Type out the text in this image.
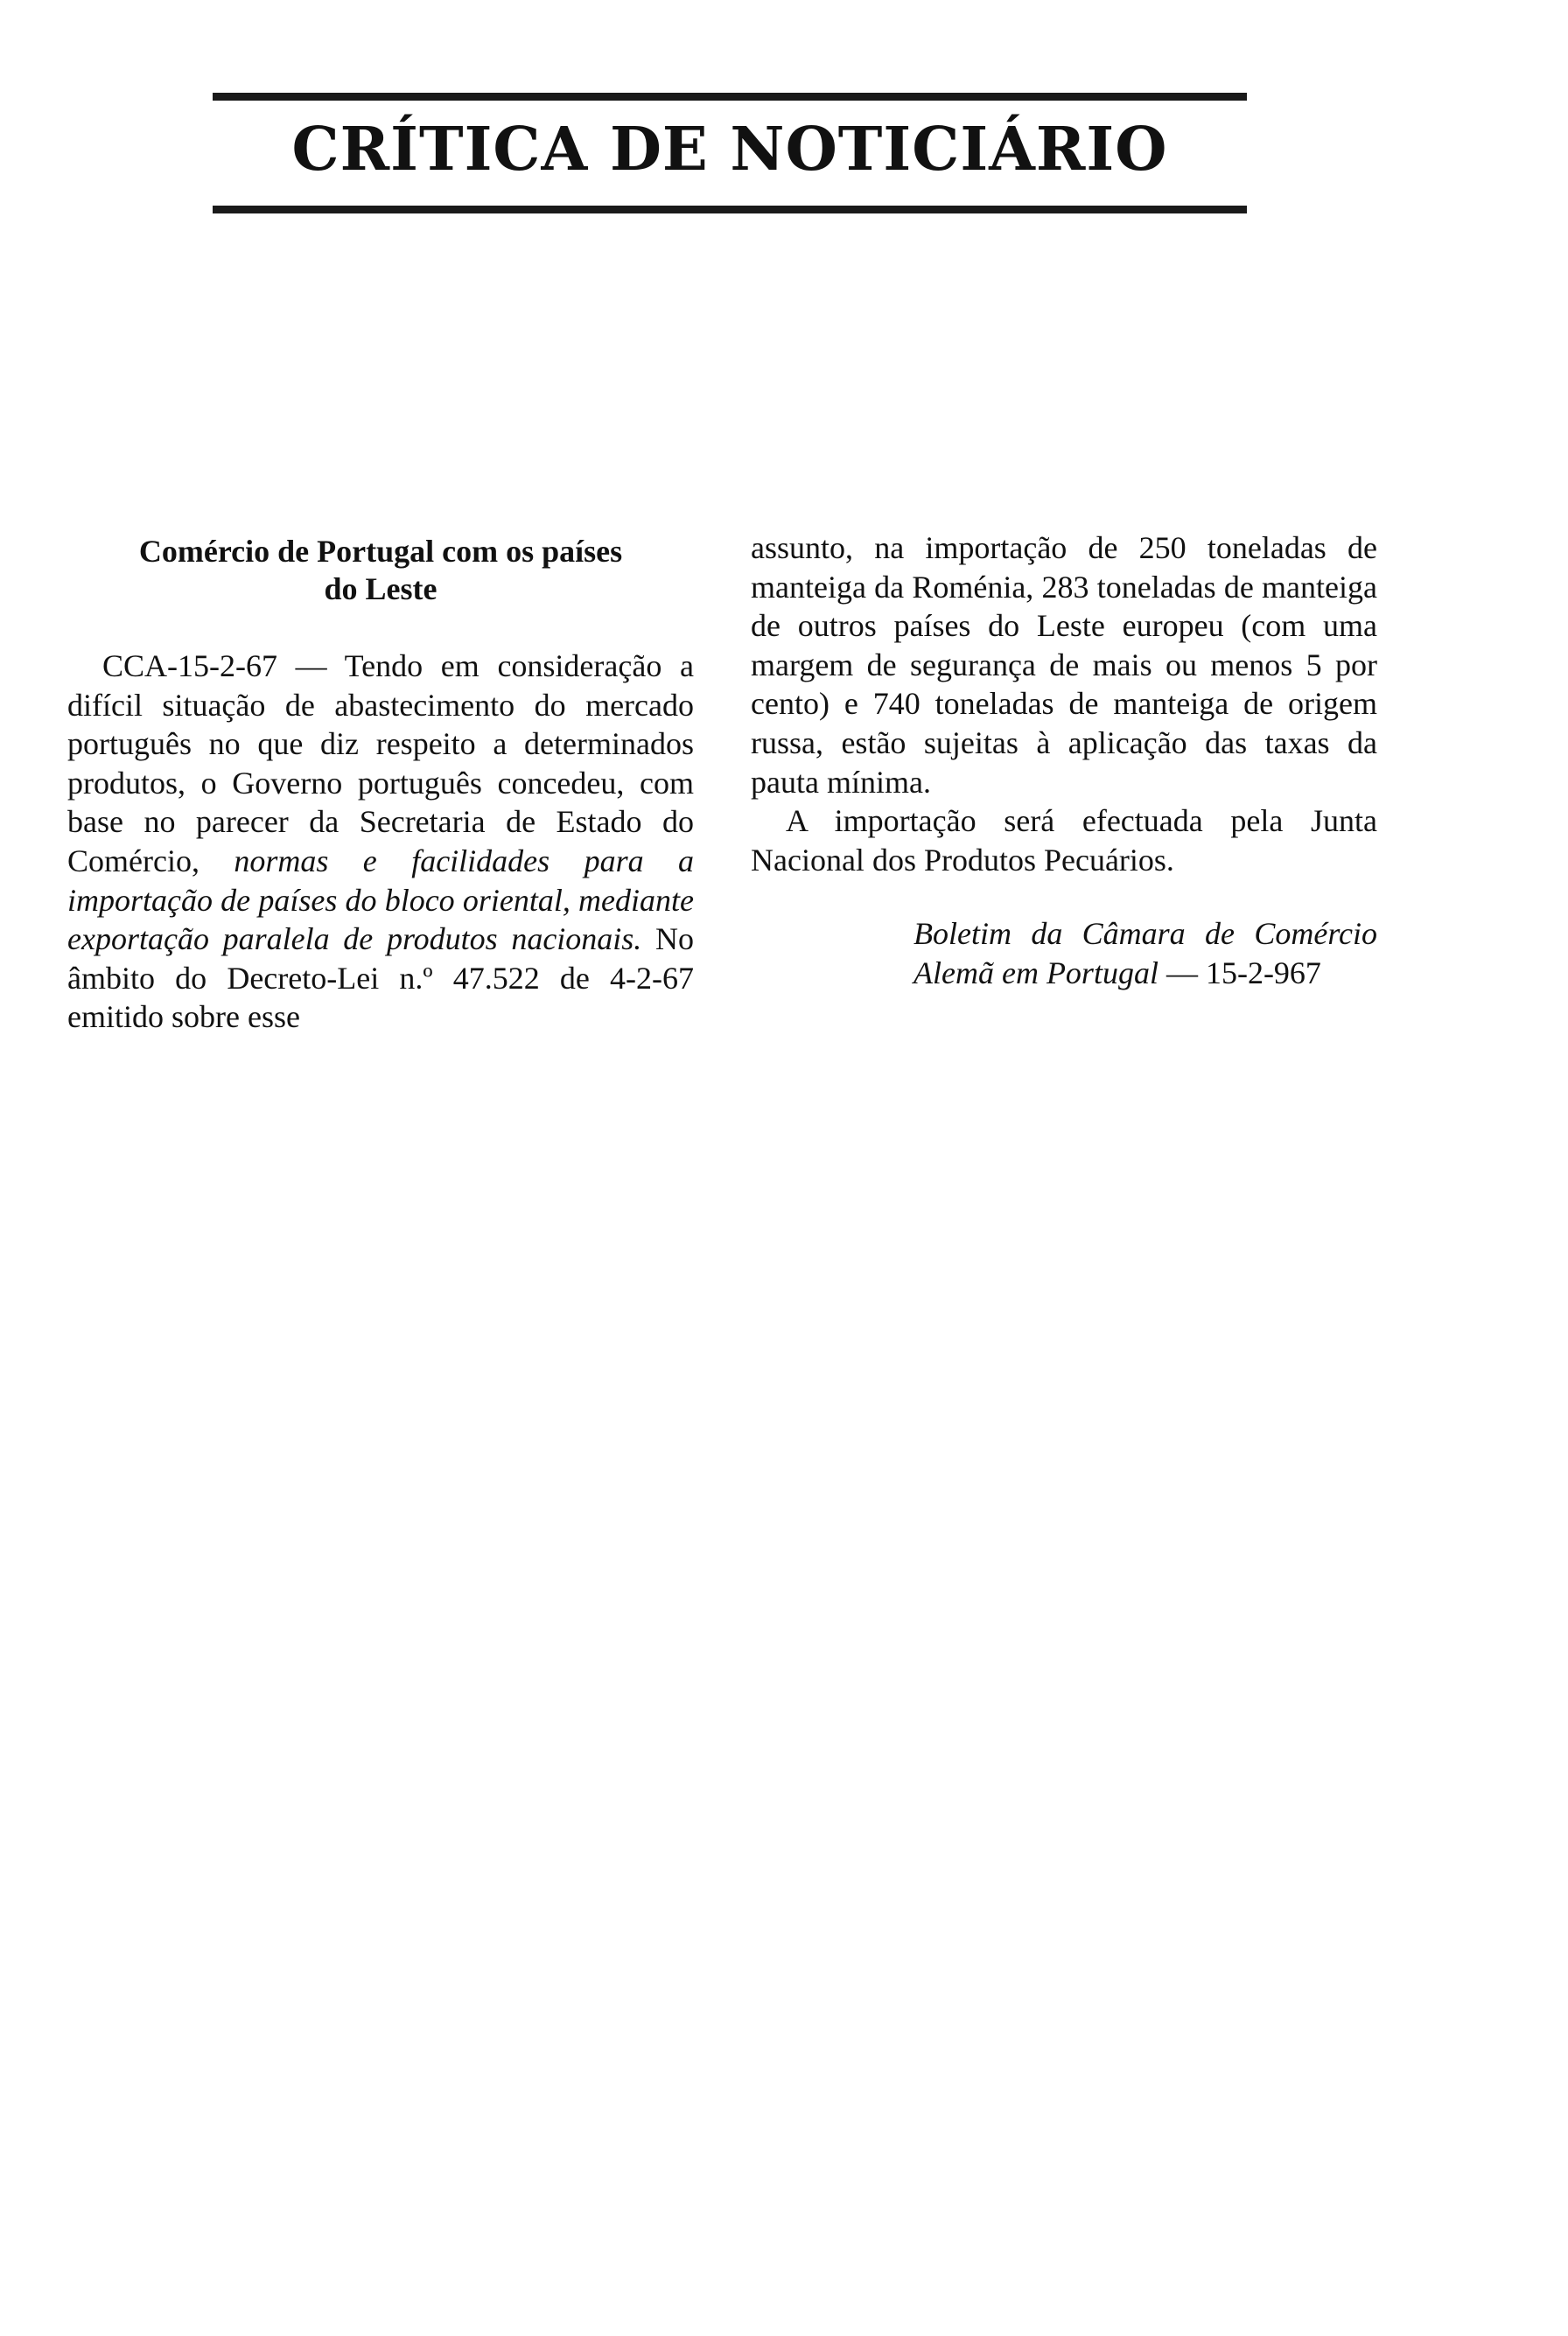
CRÍTICA DE NOTICIÁRIO
Comércio de Portugal com os países
do Leste

CCA-15-2-67 — Tendo em consideração a difícil situação de abastecimento do mercado português no que diz respeito a determinados produtos, o Governo português concedeu, com base no parecer da Secretaria de Estado do Comércio, normas e facilidades para a importação de países do bloco oriental, mediante exportação paralela de produtos nacionais. No âmbito do Decreto-Lei n.º 47.522 de 4-2-67 emitido sobre esse

assunto, na importação de 250 toneladas de manteiga da Roménia, 283 toneladas de manteiga de outros países do Leste europeu (com uma margem de segurança de mais ou menos 5 por cento) e 740 toneladas de manteiga de origem russa, estão sujeitas à aplicação das taxas da pauta mínima.

A importação será efectuada pela Junta Nacional dos Produtos Pecuários.

Boletim da Câmara de Comércio Alemã em Portugal — 15-2-967
